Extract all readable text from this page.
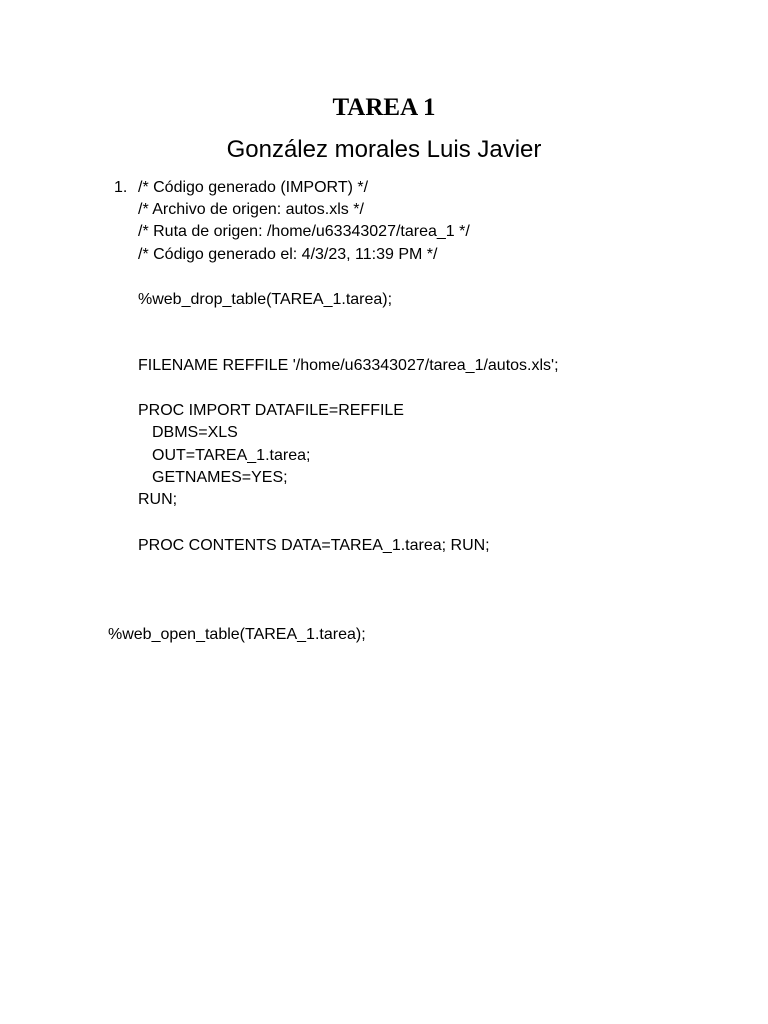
TAREA 1
González morales Luis Javier
1. /* Código generado (IMPORT) */
/* Archivo de origen: autos.xls */
/* Ruta de origen: /home/u63343027/tarea_1 */
/* Código generado el: 4/3/23, 11:39 PM */
%web_drop_table(TAREA_1.tarea);
FILENAME REFFILE '/home/u63343027/tarea_1/autos.xls';
PROC IMPORT DATAFILE=REFFILE
DBMS=XLS
OUT=TAREA_1.tarea;
GETNAMES=YES;
RUN;
PROC CONTENTS DATA=TAREA_1.tarea; RUN;
%web_open_table(TAREA_1.tarea);
